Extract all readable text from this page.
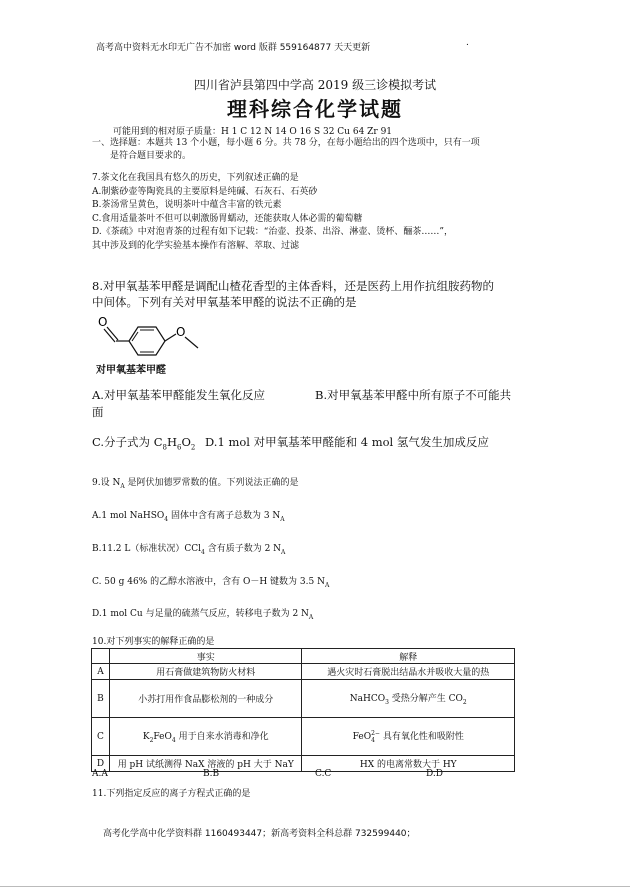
高考高中资料无水印无广告不加密 word 版群 559164877 天天更新	.
四川省泸县第四中学高 2019 级三诊模拟考试
理科综合化学试题
可能用到的相对原子质量：H 1 C 12 N 14 O 16 S 32 Cu 64 Zr 91
一、选择题：本题共 13 个小题，每小题 6 分。共 78 分，在每小题给出的四个选项中，只有一项
是符合题目要求的。
7.茶文化在我国具有悠久的历史，下列叙述正确的是
A.制紫砂壶等陶瓷具的主要原料是纯碱、石灰石、石英砂
B.茶汤常呈黄色，说明茶叶中蕴含丰富的铁元素
C.食用适量茶叶不但可以刺激肠胃蠕动，还能获取人体必需的葡萄糖
D.《茶疏》中对泡青茶的过程有如下记载：“治壶、投茶、出浴、淋壶、烫杯、酾茶……”，
其中涉及到的化学实验基本操作有溶解、萃取、过滤
8.对甲氧基苯甲醛是调配山楂花香型的主体香料，还是医药上用作抗组胺药物的
中间体。下列有关对甲氧基苯甲醛的说法不正确的是
O
O
对甲氧基苯甲醛
A.对甲氧基苯甲醛能发生氧化反应	B.对甲氧基苯甲醛中所有原子不可能共
面
C.分子式为 $C_8H_6O_2$ D.1 mol 对甲氧基苯甲醛能和 4 mol 氢气发生加成反应
9.设 $N_A$ 是阿伏加德罗常数的值。下列说法正确的是
A.1 mol NaHSO$_4$ 固体中含有离子总数为 3 $N_A$
B.11.2 L（标准状况）CCl$_4$ 含有质子数为 2 $N_A$
C. 50 g 46% 的乙醇水溶液中，含有 O－H 键数为 3.5 $N_A$
D.1 mol Cu 与足量的硫蒸气反应，转移电子数为 2 $N_A$
10.对下列事实的解释正确的是
	事实	解释
A	用石膏做建筑物防火材料	遇火灾时石膏脱出结晶水并吸收大量的热
B	小苏打用作食品膨松剂的一种成分	NaHCO$_3$ 受热分解产生 $CO_2$
C	$K_2FeO_4$ 用于自来水消毒和净化	FeO 2−
4 具有氧化性和吸附性
D	用 pH 试纸测得 NaX 溶液的 pH 大于 NaY	HX 的电离常数大于 HY
A.A	B.B	C.C	D.D
11.下列指定反应的离子方程式正确的是
高考化学高中化学资料群 1160493447；新高考资料全科总群 732599440；
